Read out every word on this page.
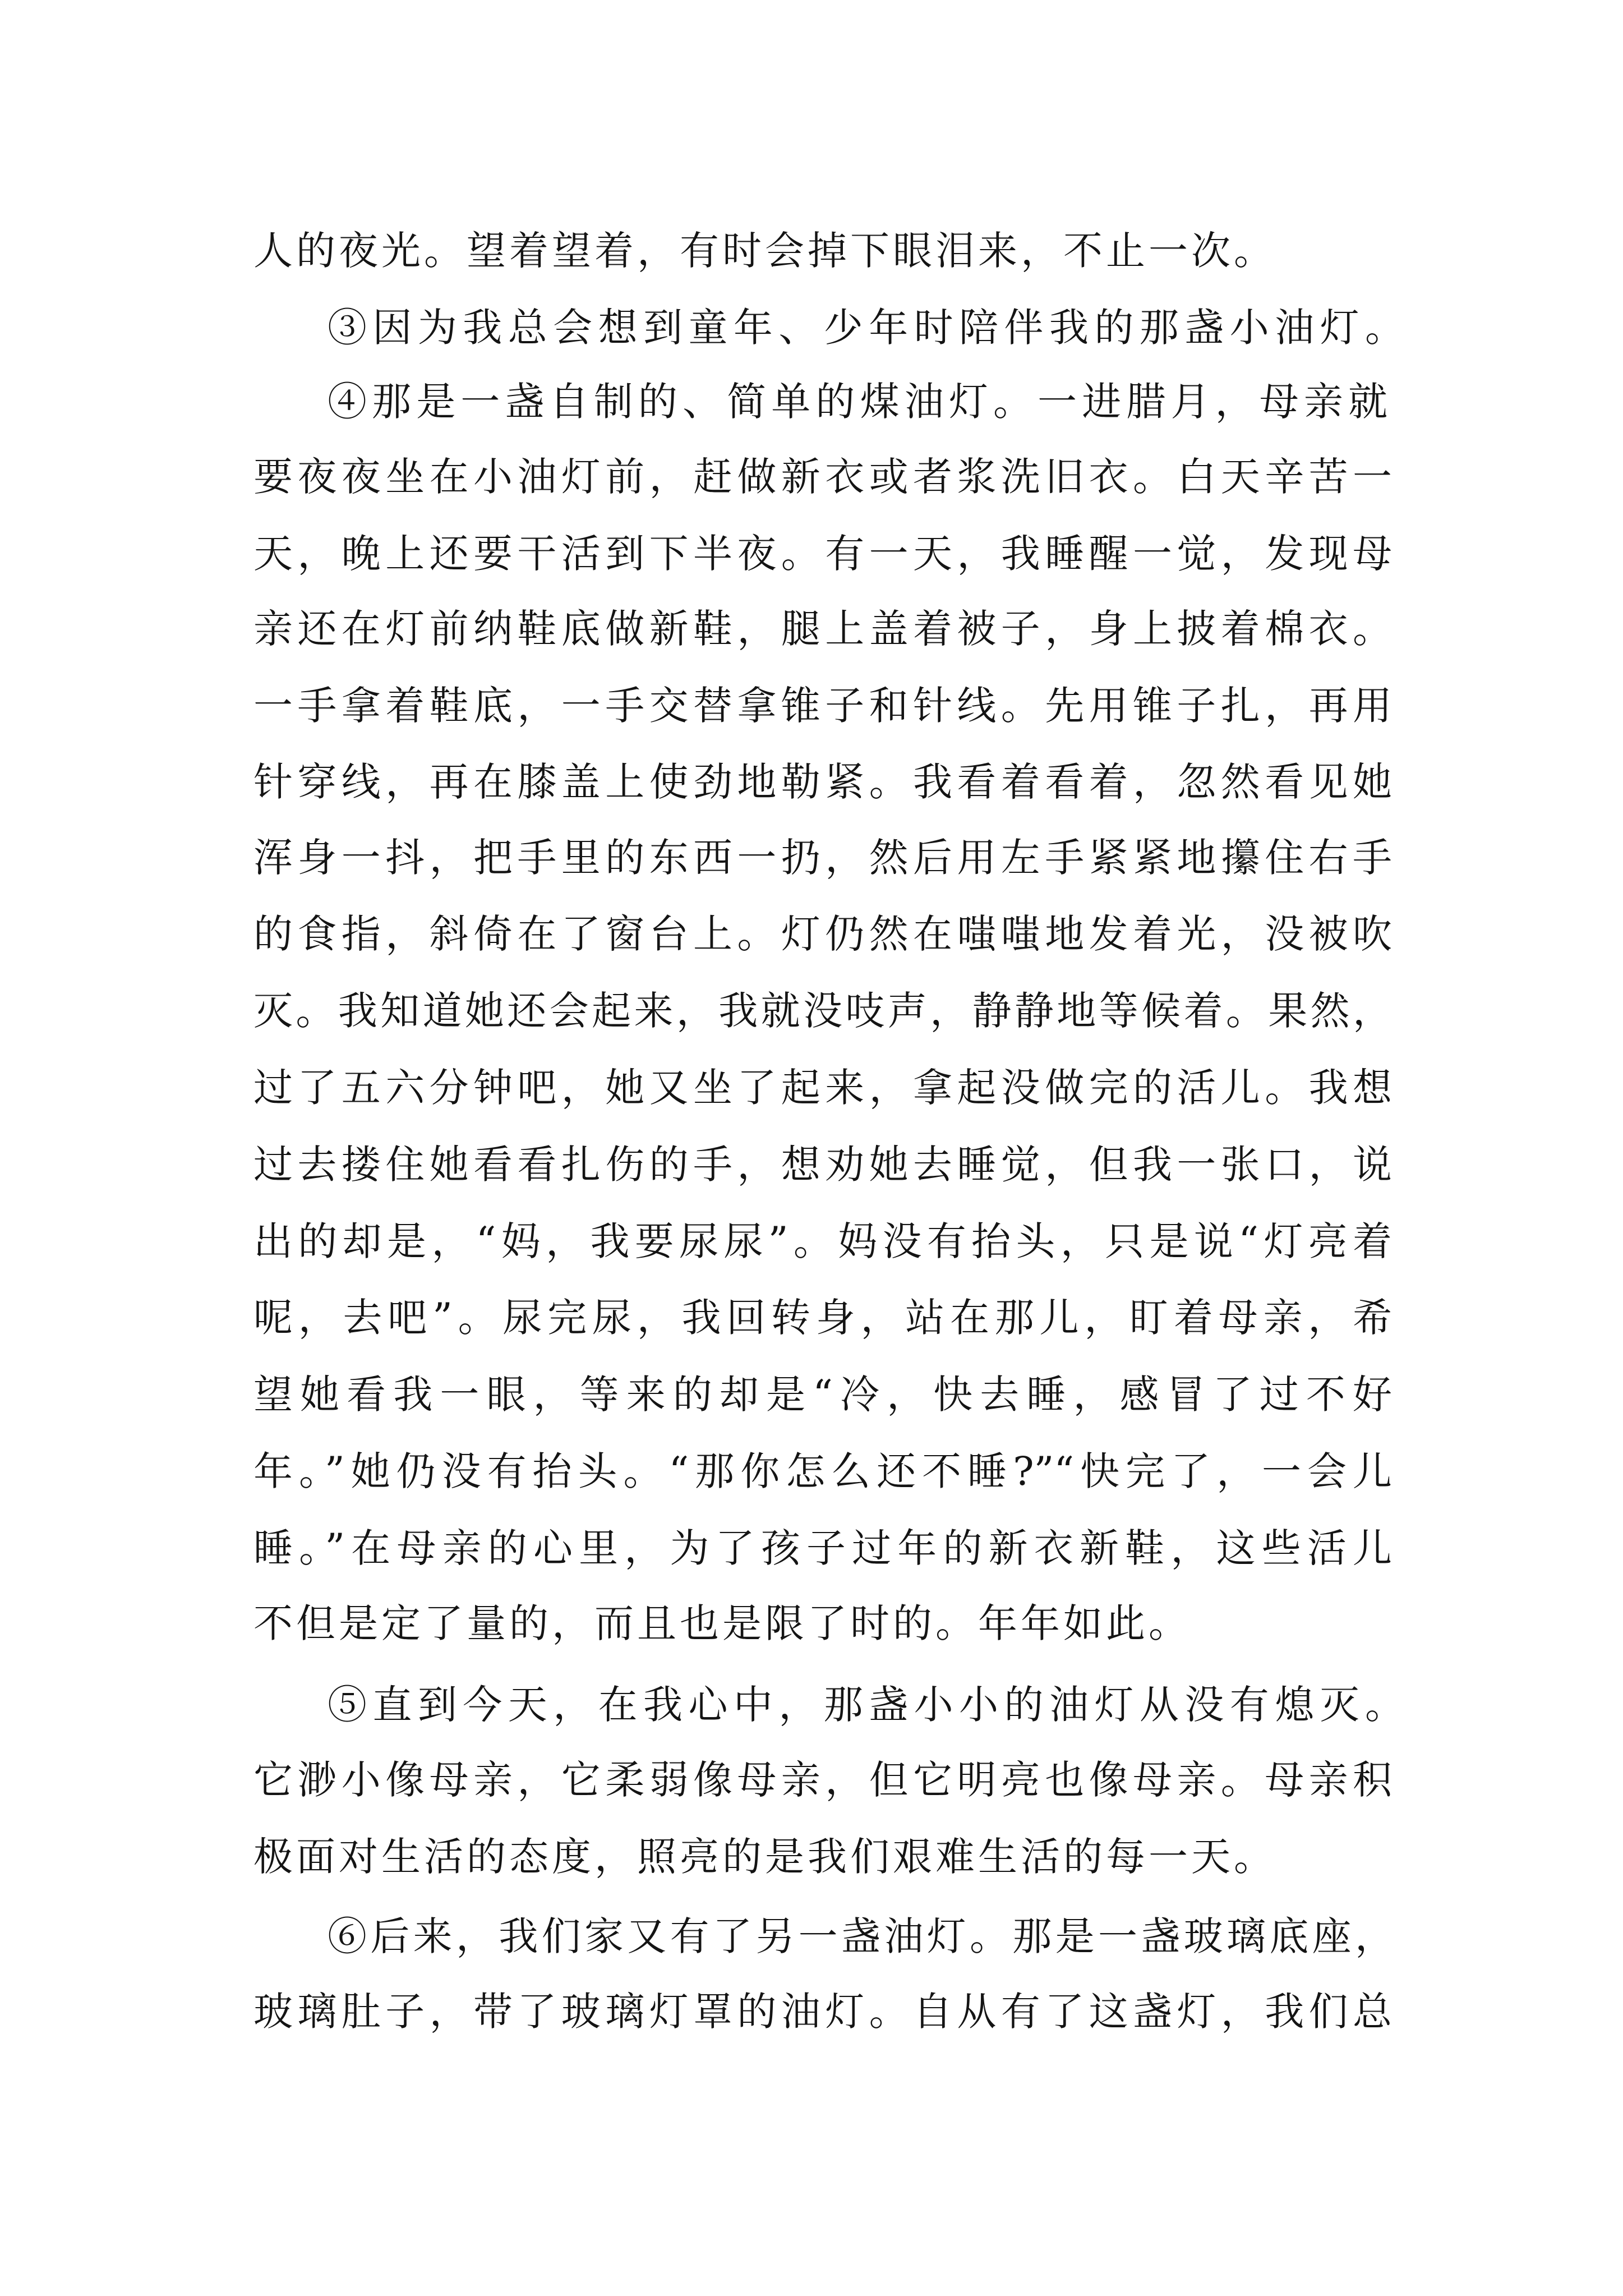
人的夜光。望着望着，有时会掉下眼泪来，不止一次。
③因为我总会想到童年、少年时陪伴我的那盏小油灯。
④那是一盏自制的、简单的煤油灯。一进腊月，母亲就
要夜夜坐在小油灯前，赶做新衣或者浆洗旧衣。白天辛苦一
天，晚上还要干活到下半夜。有一天，我睡醒一觉，发现母
亲还在灯前纳鞋底做新鞋，腿上盖着被子，身上披着棉衣。
一手拿着鞋底，一手交替拿锥子和针线。先用锥子扎，再用
针穿线，再在膝盖上使劲地勒紧。我看着看着，忽然看见她
浑身一抖，把手里的东西一扔，然后用左手紧紧地攥住右手
的食指，斜倚在了窗台上。灯仍然在嗤嗤地发着光，没被吹
灭。我知道她还会起来，我就没吱声，静静地等候着。果然，
过了五六分钟吧，她又坐了起来，拿起没做完的活儿。我想
过去搂住她看看扎伤的手，想劝她去睡觉，但我一张口，说
出的却是，“妈，我要尿尿”。妈没有抬头，只是说“灯亮着
呢，去吧”。尿完尿，我回转身，站在那儿，盯着母亲，希
望她看我一眼，等来的却是“冷，快去睡，感冒了过不好
年。”她仍没有抬头。“那你怎么还不睡?”“快完了，一会儿
睡。”在母亲的心里，为了孩子过年的新衣新鞋，这些活儿
不但是定了量的，而且也是限了时的。年年如此。
⑤直到今天，在我心中，那盏小小的油灯从没有熄灭。
它渺小像母亲，它柔弱像母亲，但它明亮也像母亲。母亲积
极面对生活的态度，照亮的是我们艰难生活的每一天。
⑥后来，我们家又有了另一盏油灯。那是一盏玻璃底座，
玻璃肚子，带了玻璃灯罩的油灯。自从有了这盏灯，我们总
